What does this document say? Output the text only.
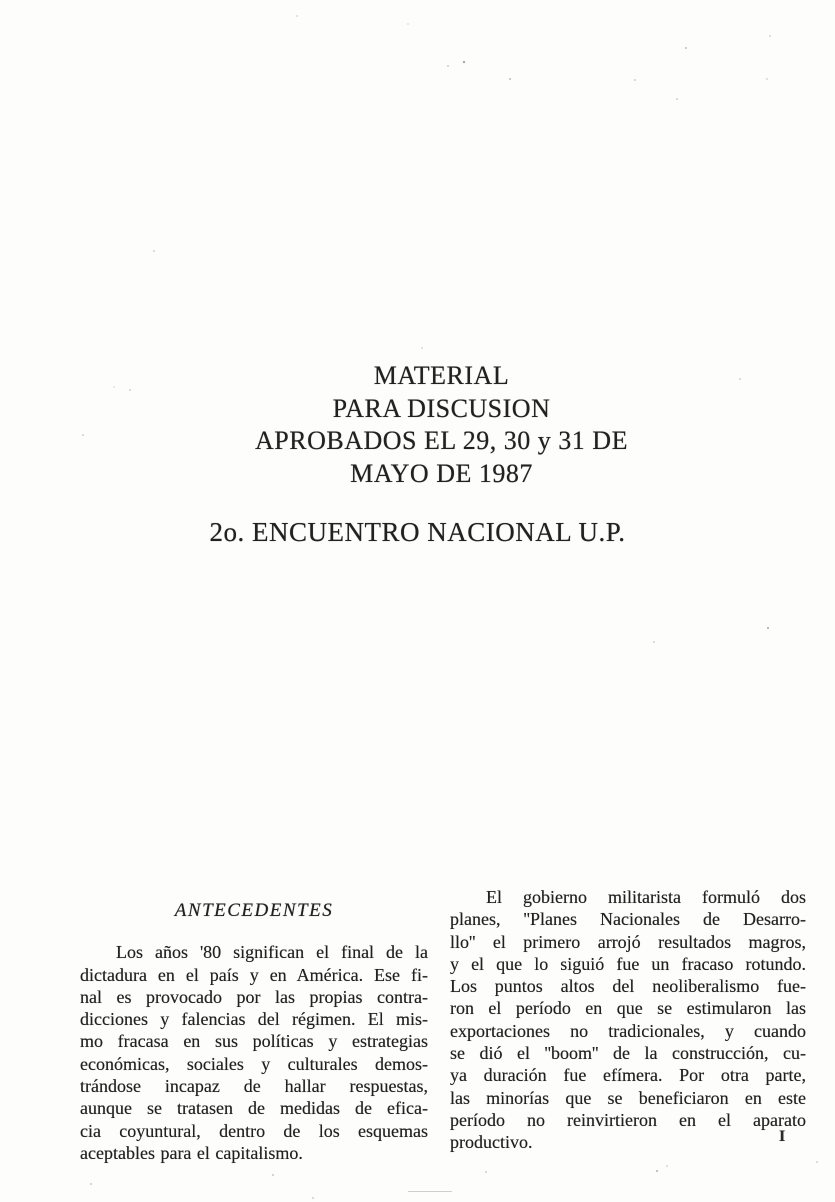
MATERIAL
PARA DISCUSION
APROBADOS EL 29, 30 y 31 DE
MAYO DE 1987
2o. ENCUENTRO NACIONAL U.P.
ANTECEDENTES
Los años '80 significan el final de la
dictadura en el país y en América. Ese fi-
nal es provocado por las propias contra-
dicciones y falencias del régimen. El mis-
mo fracasa en sus políticas y estrategias
económicas, sociales y culturales demos-
trándose incapaz de hallar respuestas,
aunque se tratasen de medidas de efica-
cia coyuntural, dentro de los esquemas
aceptables para el capitalismo.
El gobierno militarista formuló dos
planes, ''Planes Nacionales de Desarro-
llo'' el primero arrojó resultados magros,
y el que lo siguió fue un fracaso rotundo.
Los puntos altos del neoliberalismo fue-
ron el período en que se estimularon las
exportaciones no tradicionales, y cuando
se dió el ''boom'' de la construcción, cu-
ya duración fue efímera. Por otra parte,
las minorías que se beneficiaron en este
período no reinvirtieron en el aparato
productivo.	I
